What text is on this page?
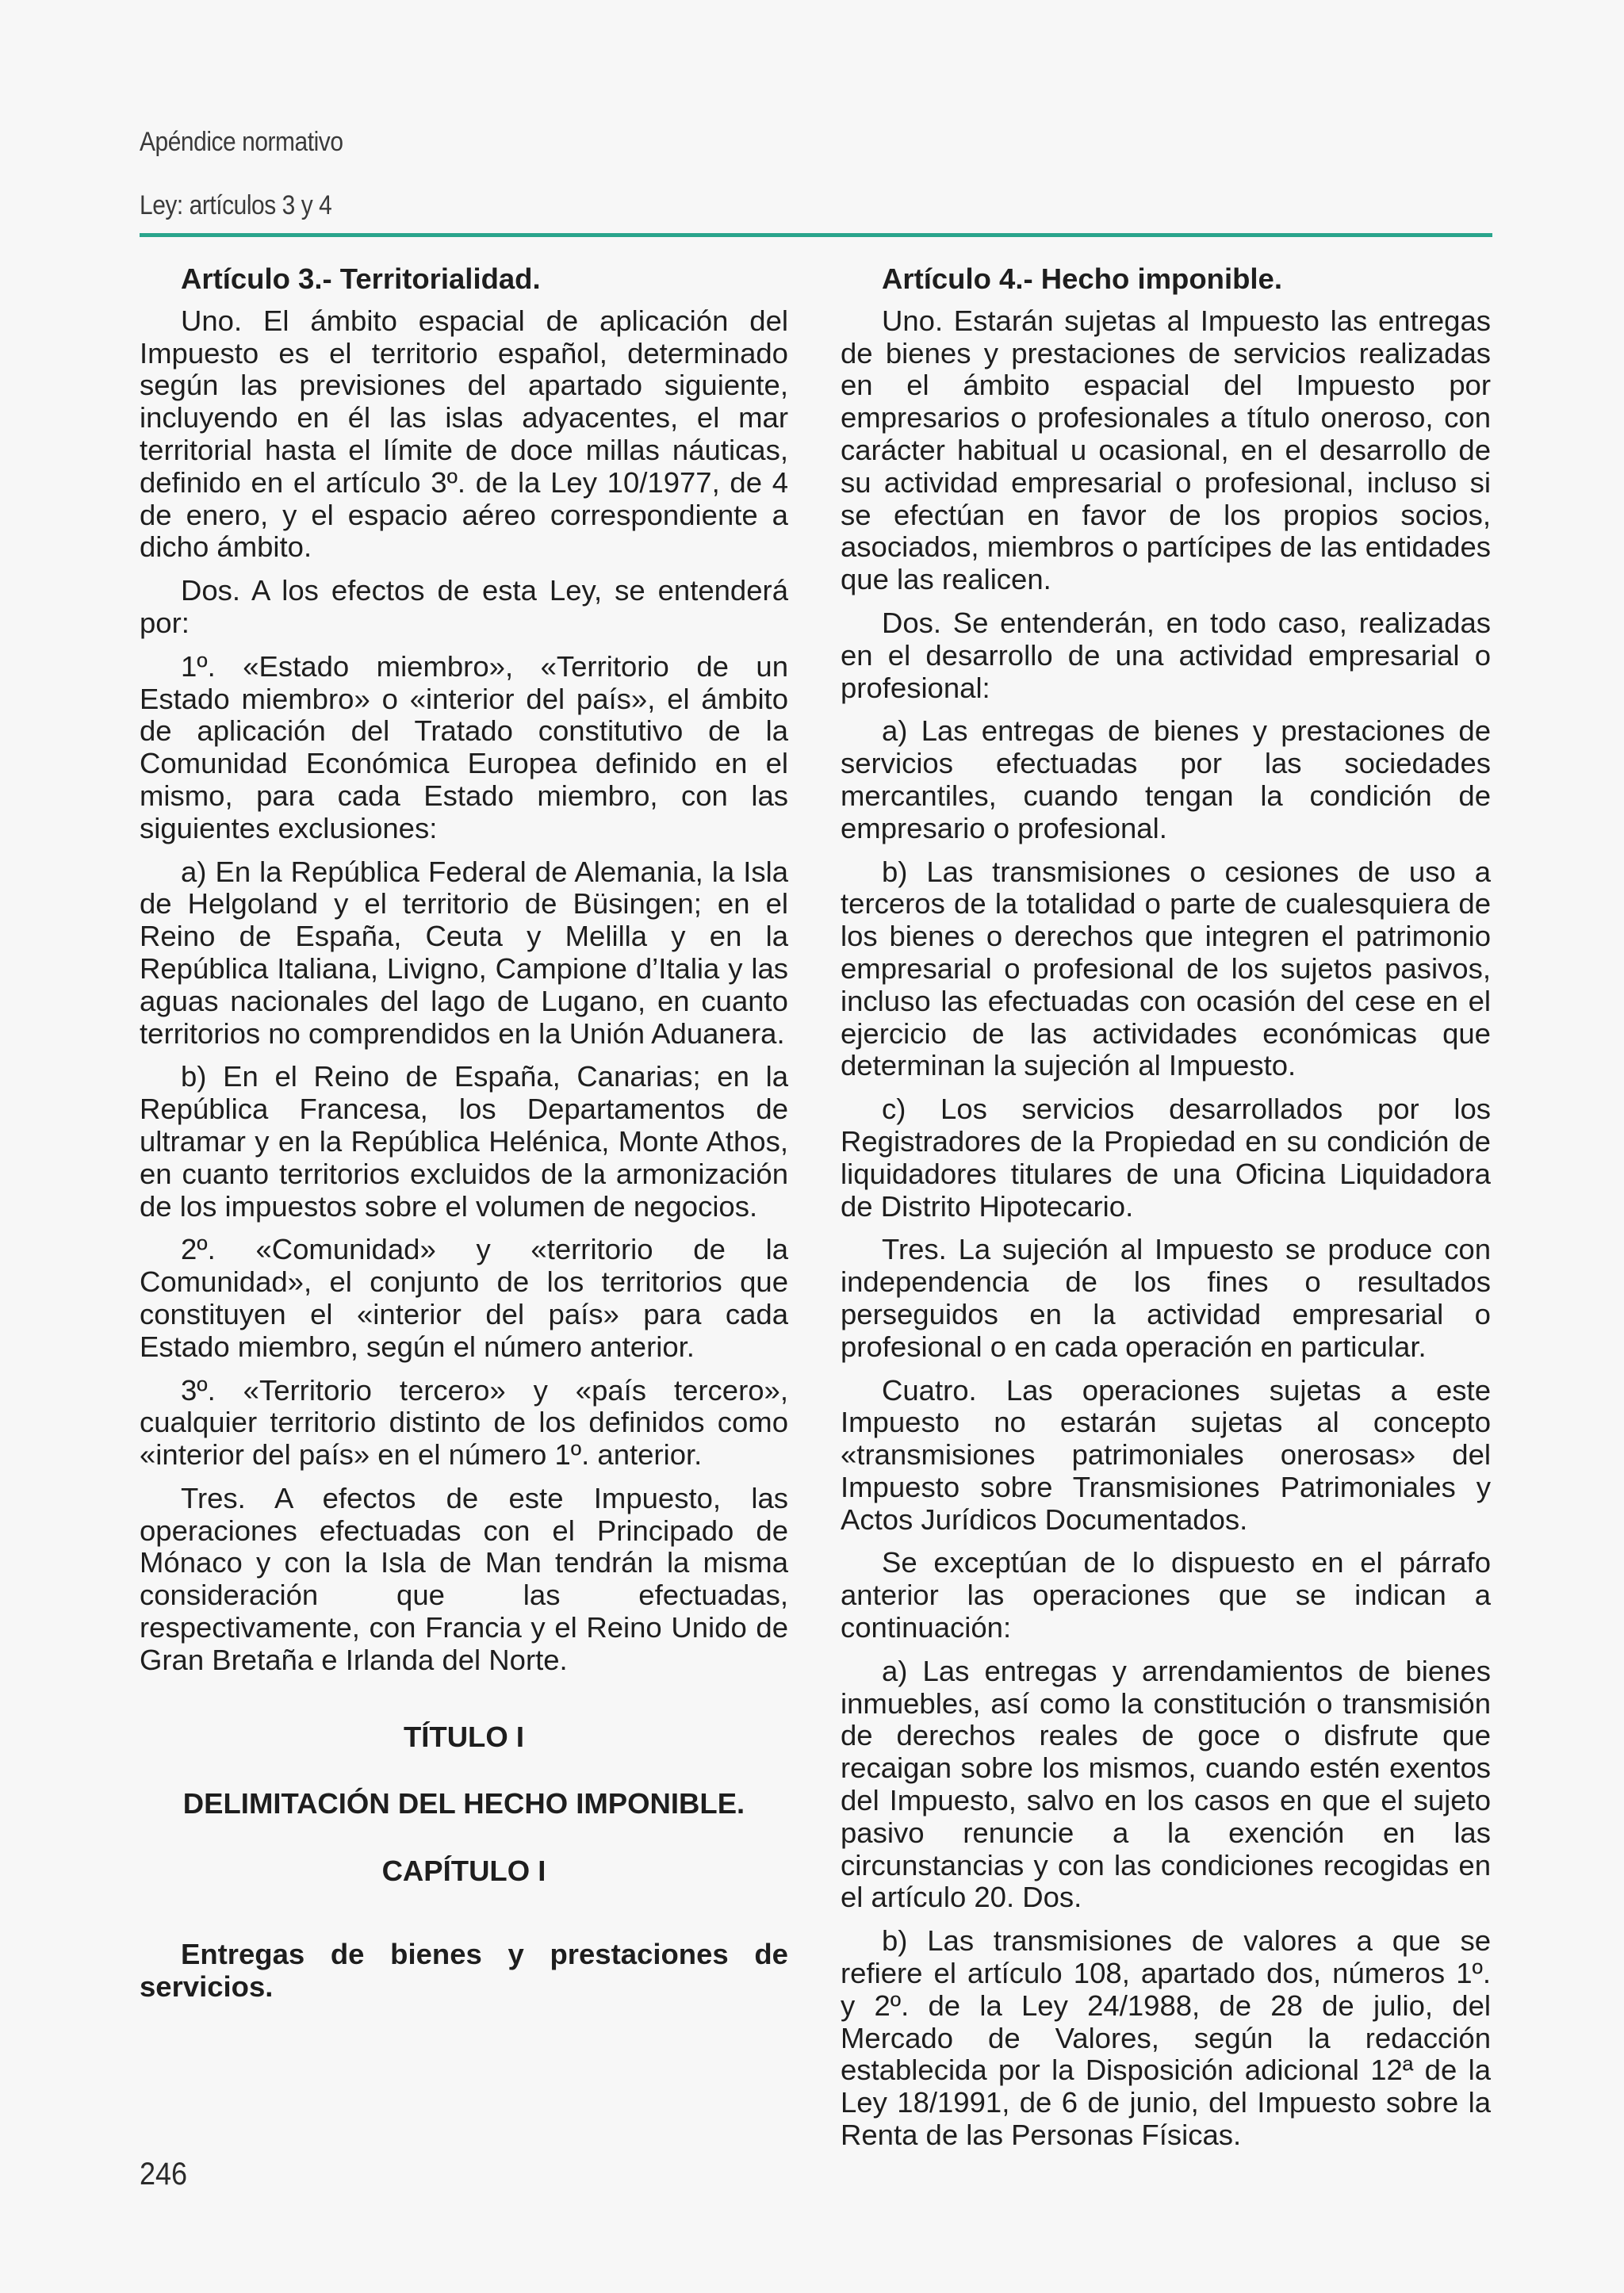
Apéndice normativo
Ley: artículos 3 y 4
Artículo 3.- Territorialidad.

Uno. El ámbito espacial de aplicación del Impuesto es el territorio español, determinado según las previsiones del apartado siguiente, incluyendo en él las islas adyacentes, el mar territorial hasta el límite de doce millas náuticas, definido en el artículo 3º. de la Ley 10/1977, de 4 de enero, y el espacio aéreo correspondiente a dicho ámbito.

Dos. A los efectos de esta Ley, se entenderá por:

1º. «Estado miembro», «Territorio de un Estado miembro» o «interior del país», el ámbito de aplicación del Tratado constitutivo de la Comunidad Económica Europea definido en el mismo, para cada Estado miembro, con las siguientes exclusiones:

a) En la República Federal de Alemania, la Isla de Helgoland y el territorio de Büsingen; en el Reino de España, Ceuta y Melilla y en la República Italiana, Livigno, Campione d’Italia y las aguas nacionales del lago de Lugano, en cuanto territorios no comprendidos en la Unión Aduanera.

b) En el Reino de España, Canarias; en la República Francesa, los Departamentos de ultramar y en la República Helénica, Monte Athos, en cuanto territorios excluidos de la armonización de los impuestos sobre el volumen de negocios.

2º. «Comunidad» y «territorio de la Comunidad», el conjunto de los territorios que constituyen el «interior del país» para cada Estado miembro, según el número anterior.

3º. «Territorio tercero» y «país tercero», cualquier territorio distinto de los definidos como «interior del país» en el número 1º. anterior.

Tres. A efectos de este Impuesto, las operaciones efectuadas con el Principado de Mónaco y con la Isla de Man tendrán la misma consideración que las efectuadas, respectivamente, con Francia y el Reino Unido de Gran Bretaña e Irlanda del Norte.

TÍTULO I
DELIMITACIÓN DEL HECHO IMPONIBLE.
CAPÍTULO I
Entregas de bienes y prestaciones de servicios.
Artículo 4.- Hecho imponible.

Uno. Estarán sujetas al Impuesto las entregas de bienes y prestaciones de servicios realizadas en el ámbito espacial del Impuesto por empresarios o profesionales a título oneroso, con carácter habitual u ocasional, en el desarrollo de su actividad empresarial o profesional, incluso si se efectúan en favor de los propios socios, asociados, miembros o partícipes de las entidades que las realicen.

Dos. Se entenderán, en todo caso, realizadas en el desarrollo de una actividad empresarial o profesional:

a) Las entregas de bienes y prestaciones de servicios efectuadas por las sociedades mercantiles, cuando tengan la condición de empresario o profesional.

b) Las transmisiones o cesiones de uso a terceros de la totalidad o parte de cualesquiera de los bienes o derechos que integren el patrimonio empresarial o profesional de los sujetos pasivos, incluso las efectuadas con ocasión del cese en el ejercicio de las actividades económicas que determinan la sujeción al Impuesto.

c) Los servicios desarrollados por los Registradores de la Propiedad en su condición de liquidadores titulares de una Oficina Liquidadora de Distrito Hipotecario.

Tres. La sujeción al Impuesto se produce con independencia de los fines o resultados perseguidos en la actividad empresarial o profesional o en cada operación en particular.

Cuatro. Las operaciones sujetas a este Impuesto no estarán sujetas al concepto «transmisiones patrimoniales onerosas» del Impuesto sobre Transmisiones Patrimoniales y Actos Jurídicos Documentados.

Se exceptúan de lo dispuesto en el párrafo anterior las operaciones que se indican a continuación:

a) Las entregas y arrendamientos de bienes inmuebles, así como la constitución o transmisión de derechos reales de goce o disfrute que recaigan sobre los mismos, cuando estén exentos del Impuesto, salvo en los casos en que el sujeto pasivo renuncie a la exención en las circunstancias y con las condiciones recogidas en el artículo 20. Dos.

b) Las transmisiones de valores a que se refiere el artículo 108, apartado dos, números 1º. y 2º. de la Ley 24/1988, de 28 de julio, del Mercado de Valores, según la redacción establecida por la Disposición adicional 12ª de la Ley 18/1991, de 6 de junio, del Impuesto sobre la Renta de las Personas Físicas.

246
